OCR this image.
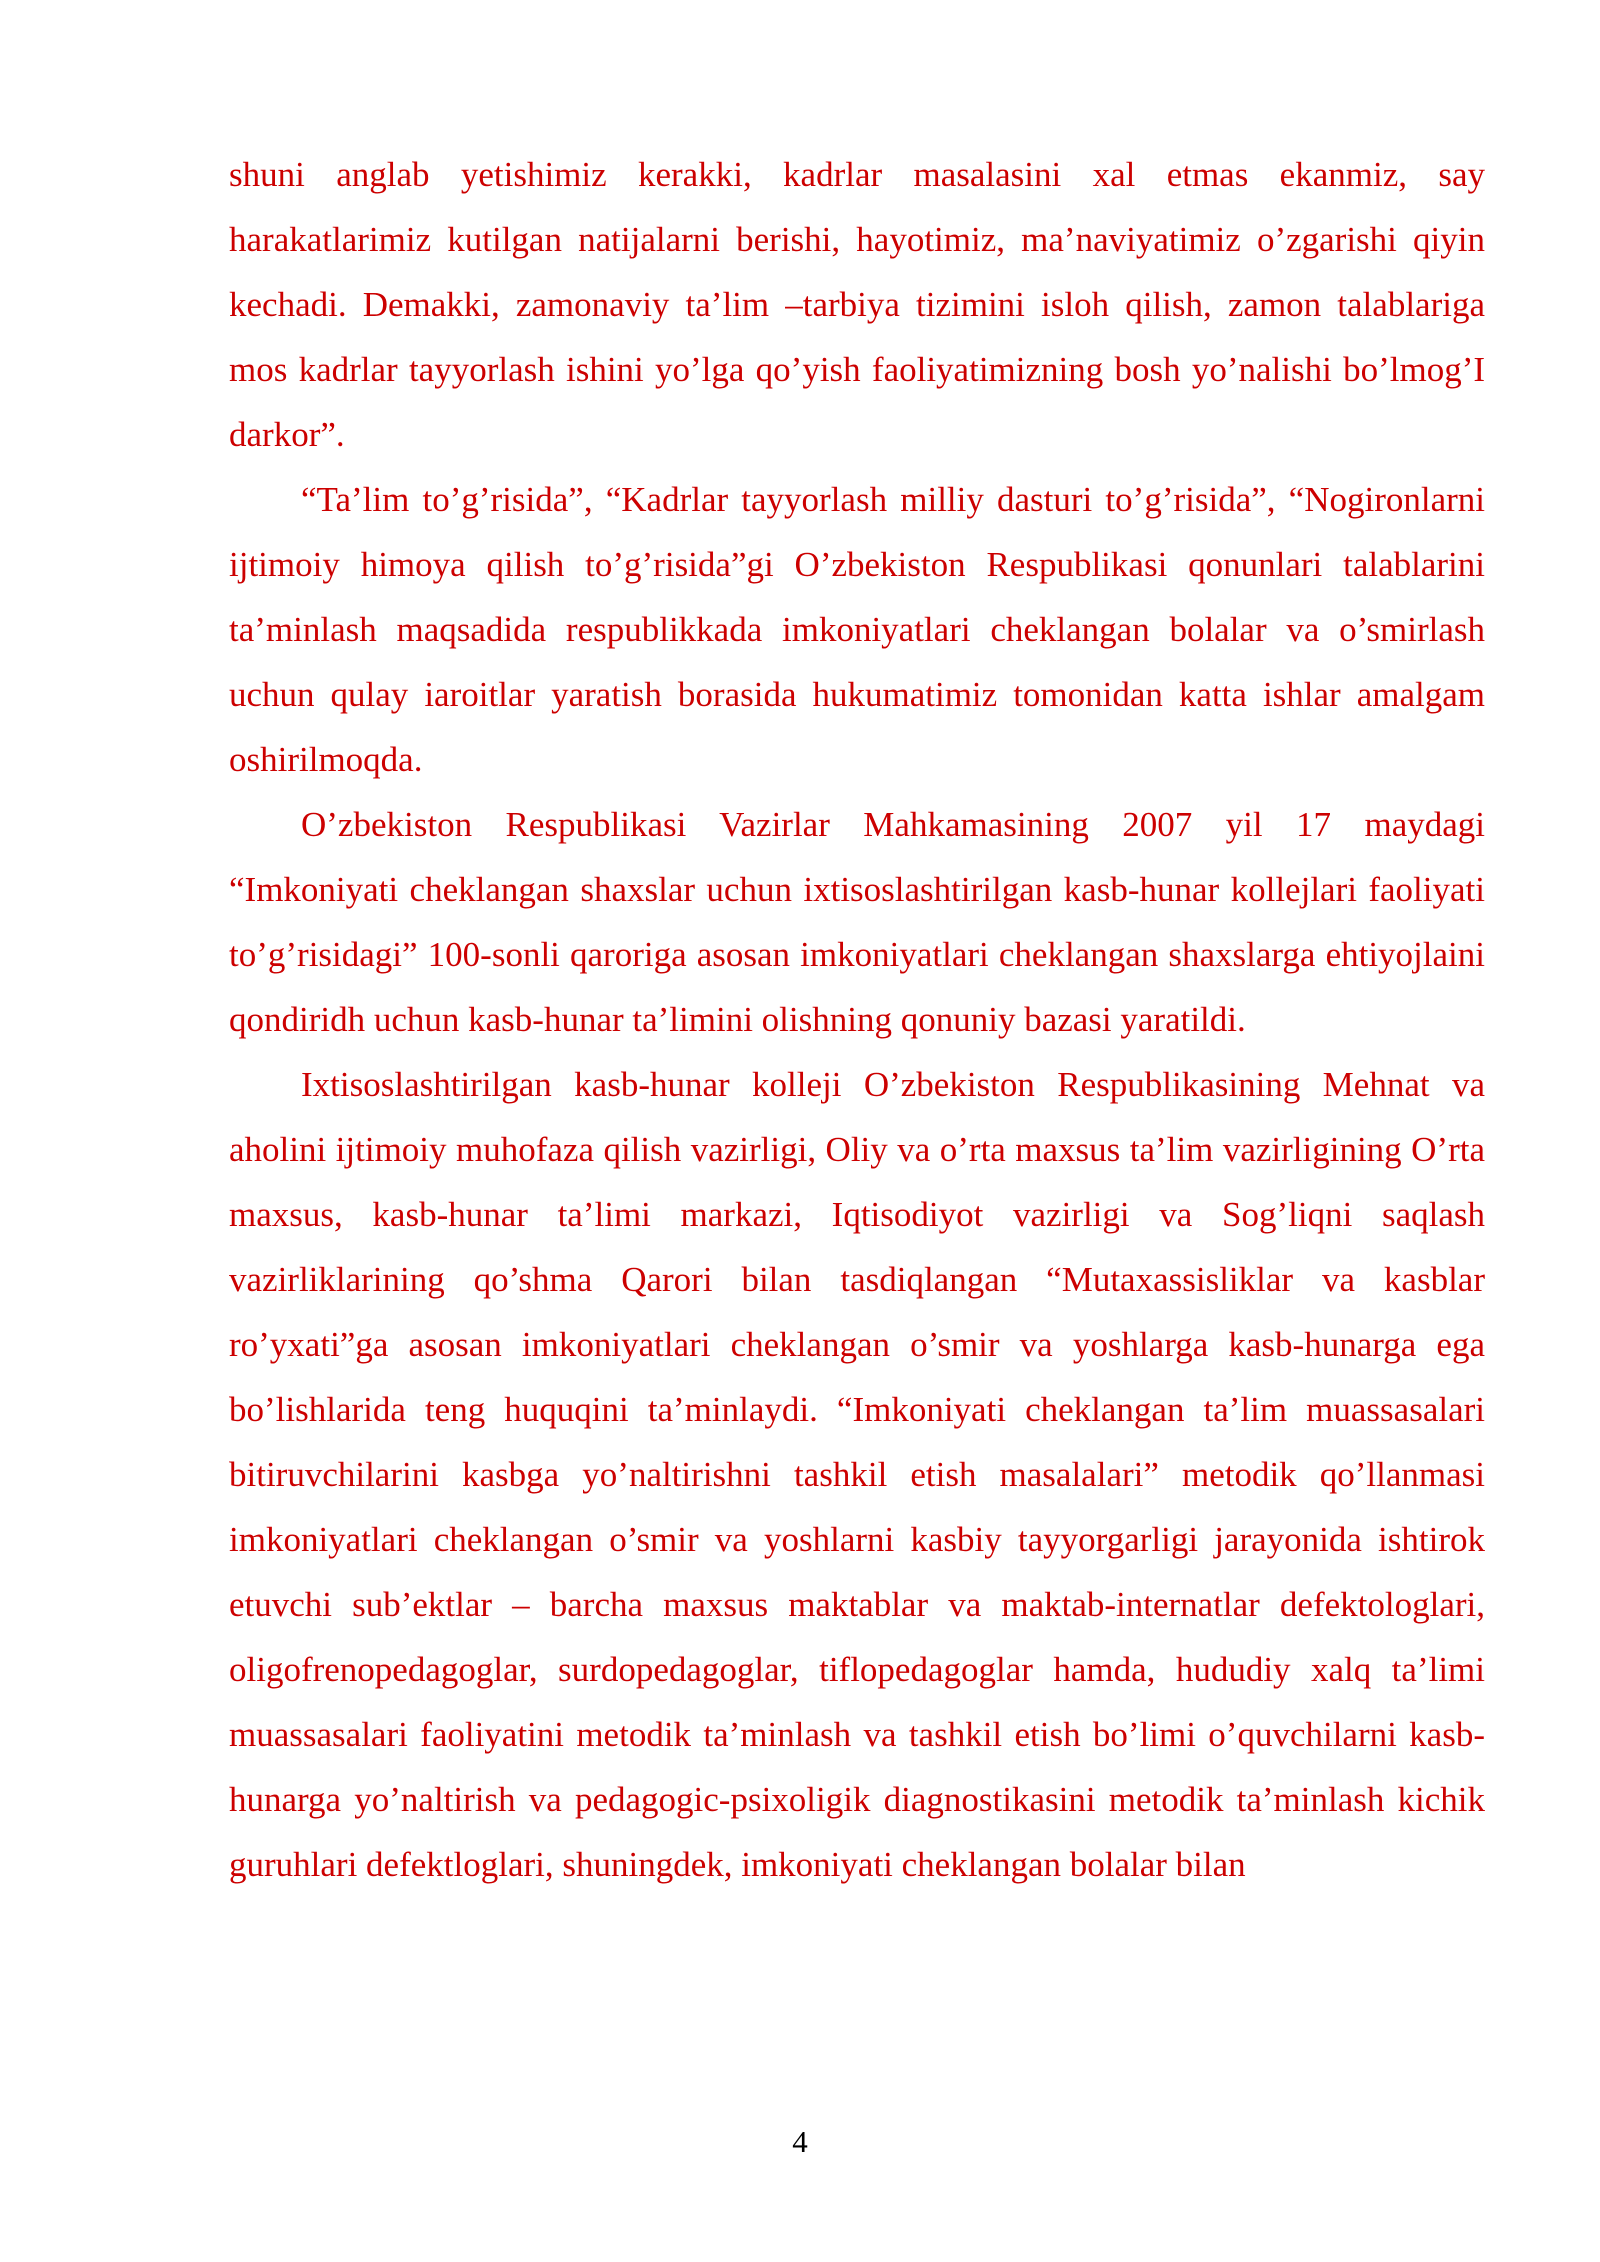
shuni anglab yetishimiz kerakki, kadrlar masalasini xal etmas ekanmiz, say harakatlarimiz kutilgan natijalarni berishi, hayotimiz, ma’naviyatimiz o’zgarishi qiyin kechadi. Demakki, zamonaviy ta’lim –tarbiya tizimini isloh qilish, zamon talablariga mos kadrlar tayyorlash ishini yo’lga qo’yish faoliyatimizning bosh yo’nalishi bo’lmog’I darkor”.

“Ta’lim to’g’risida”, “Kadrlar tayyorlash milliy dasturi to’g’risida”, “Nogironlarni ijtimoiy himoya qilish to’g’risida”gi O’zbekiston Respublikasi qonunlari talablarini ta’minlash maqsadida respublikkada imkoniyatlari cheklangan bolalar va o’smirlash uchun qulay iaroitlar yaratish borasida hukumatimiz tomonidan katta ishlar amalgam oshirilmoqda.

O’zbekiston Respublikasi Vazirlar Mahkamasining 2007 yil 17 maydagi “Imkoniyati cheklangan shaxslar uchun ixtisoslashtirilgan kasb-hunar kollejlari faoliyati to’g’risidagi” 100-sonli qaroriga asosan imkoniyatlari cheklangan shaxslarga ehtiyojlaini qondiridh uchun kasb-hunar ta’limini olishning qonuniy bazasi yaratildi.

Ixtisoslashtirilgan kasb-hunar kolleji O’zbekiston Respublikasining Mehnat va aholini ijtimoiy muhofaza qilish vazirligi, Oliy va o’rta maxsus ta’lim vazirligining O’rta maxsus, kasb-hunar ta’limi markazi, Iqtisodiyot vazirligi va Sog’liqni saqlash vazirliklarining qo’shma Qarori bilan tasdiqlangan “Mutaxassisliklar va kasblar ro’yxati”ga asosan imkoniyatlari cheklangan o’smir va yoshlarga kasb-hunarga ega bo’lishlarida teng huquqini ta’minlaydi. “Imkoniyati cheklangan ta’lim muassasalari bitiruvchilarini kasbga yo’naltirishni tashkil etish masalalari” metodik qo’llanmasi imkoniyatlari cheklangan o’smir va yoshlarni kasbiy tayyorgarligi jarayonida ishtirok etuvchi sub’ektlar – barcha maxsus maktablar va maktab-internatlar defektologlari, oligofrenopedagoglar, surdopedagoglar, tiflopedagoglar hamda, hududiy xalq ta’limi muassasalari faoliyatini metodik ta’minlash va tashkil etish bo’limi o’quvchilarni kasb-hunarga yo’naltirish va pedagogic-psixoligik diagnostikasini metodik ta’minlash kichik guruhlari defektloglari, shuningdek, imkoniyati cheklangan bolalar bilan

4
